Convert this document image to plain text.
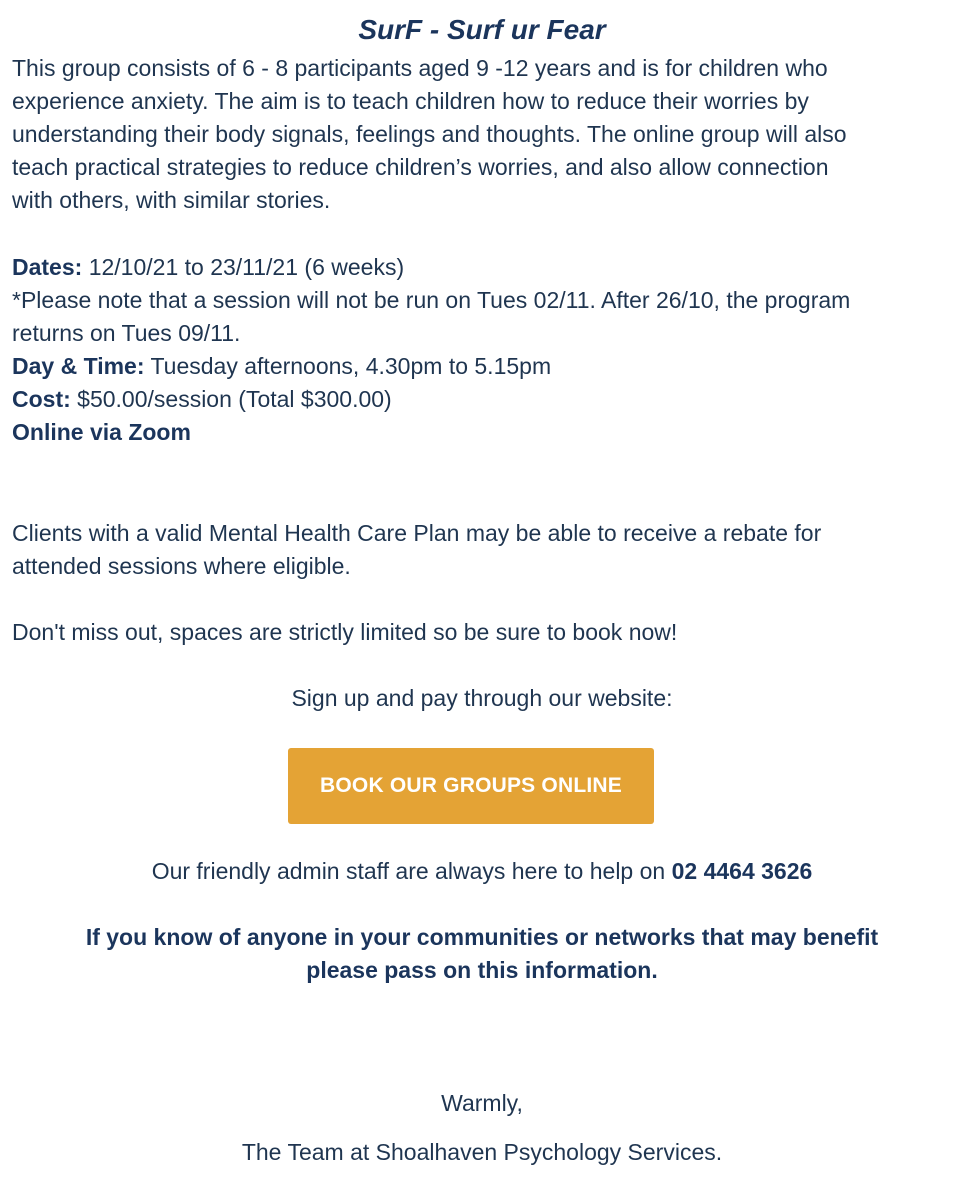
SurF - Surf ur Fear

This group consists of 6 - 8 participants aged 9 -12 years and is for children who
experience anxiety. The aim is to teach children how to reduce their worries by
understanding their body signals, feelings and thoughts. The online group will also
teach practical strategies to reduce children’s worries, and also allow connection
with others, with similar stories.

Dates: 12/10/21 to 23/11/21 (6 weeks)
*Please note that a session will not be run on Tues 02/11. After 26/10, the program
returns on Tues 09/11.
Day & Time: Tuesday afternoons, 4.30pm to 5.15pm
Cost: $50.00/session (Total $300.00)
Online via Zoom

Clients with a valid Mental Health Care Plan may be able to receive a rebate for
attended sessions where eligible.

Don't miss out, spaces are strictly limited so be sure to book now!

Sign up and pay through our website:
BOOK OUR GROUPS ONLINE
Our friendly admin staff are always here to help on 02 4464 3626
If you know of anyone in your communities or networks that may benefit
please pass on this information.
Warmly,
The Team at Shoalhaven Psychology Services.
